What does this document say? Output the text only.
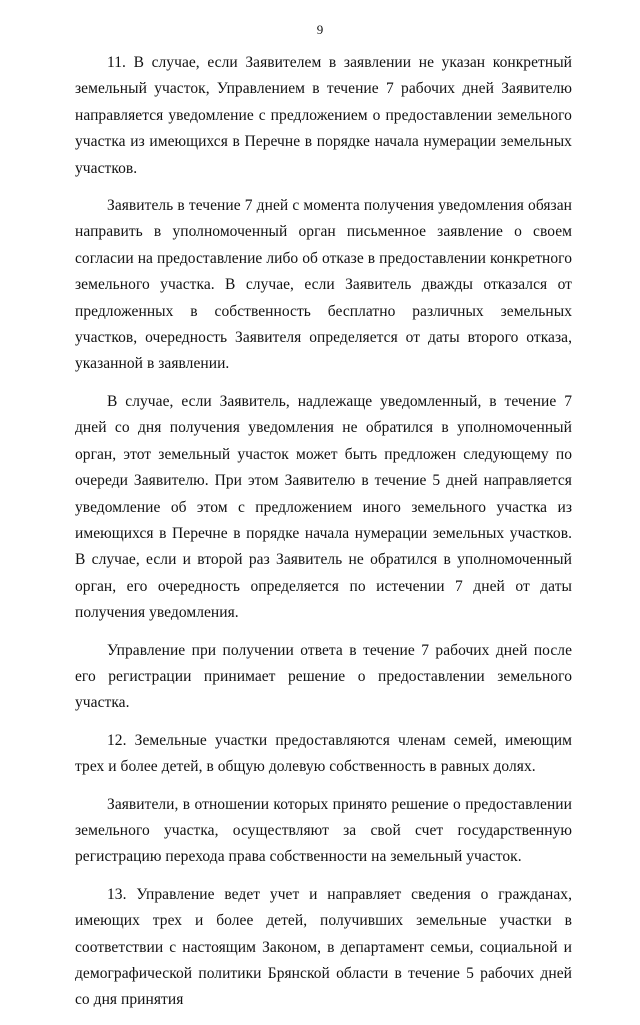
9

11. В случае, если Заявителем в заявлении не указан конкретный земельный участок, Управлением в течение 7 рабочих дней Заявителю направляется уведомление с предложением о предоставлении земельного участка из имеющихся в Перечне в порядке начала нумерации земельных участков.

Заявитель в течение 7 дней с момента получения уведомления обязан направить в уполномоченный орган письменное заявление о своем согласии на предоставление либо об отказе в предоставлении конкретного земельного участка. В случае, если Заявитель дважды отказался от предложенных в собственность бесплатно различных земельных участков, очередность Заявителя определяется от даты второго отказа, указанной в заявлении.

В случае, если Заявитель, надлежаще уведомленный, в течение 7 дней со дня получения уведомления не обратился в уполномоченный орган, этот земельный участок может быть предложен следующему по очереди Заявителю. При этом Заявителю в течение 5 дней направляется уведомление об этом с предложением иного земельного участка из имеющихся в Перечне в порядке начала нумерации земельных участков. В случае, если и второй раз Заявитель не обратился в уполномоченный орган, его очередность определяется по истечении 7 дней от даты получения уведомления.

Управление при получении ответа в течение 7 рабочих дней после его регистрации принимает решение о предоставлении земельного участка.

12. Земельные участки предоставляются членам семей, имеющим трех и более детей, в общую долевую собственность в равных долях.

Заявители, в отношении которых принято решение о предоставлении земельного участка, осуществляют за свой счет государственную регистрацию перехода права собственности на земельный участок.

13. Управление ведет учет и направляет сведения о гражданах, имеющих трех и более детей, получивших земельные участки в соответствии с настоящим Законом, в департамент семьи, социальной и демографической политики Брянской области в течение 5 рабочих дней со дня принятия
